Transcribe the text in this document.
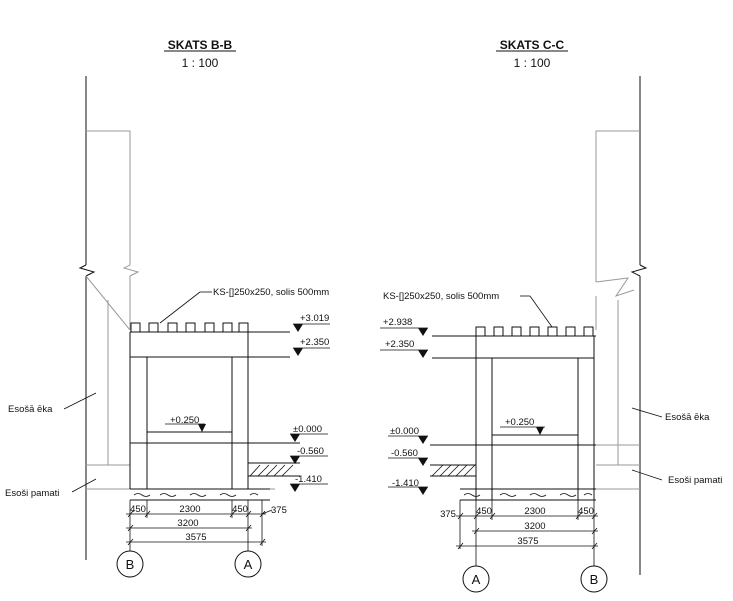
SKATS B-B
1 : 100
KS-[]250x250, solis 500mm
+3.019
+2.350
+0.250
±0.000
-0.560
-1.410
Esošā ēka
Esoši pamati
450	2300	450 375
3200
3575
B	A
SKATS C-C
1 : 100
KS-[]250x250, solis 500mm
+2.938
+2.350
+0.250
±0.000
-0.560
-1.410
Esošā ēka
Esoši pamati
375 450	2300	450
3200
3575
A	B
